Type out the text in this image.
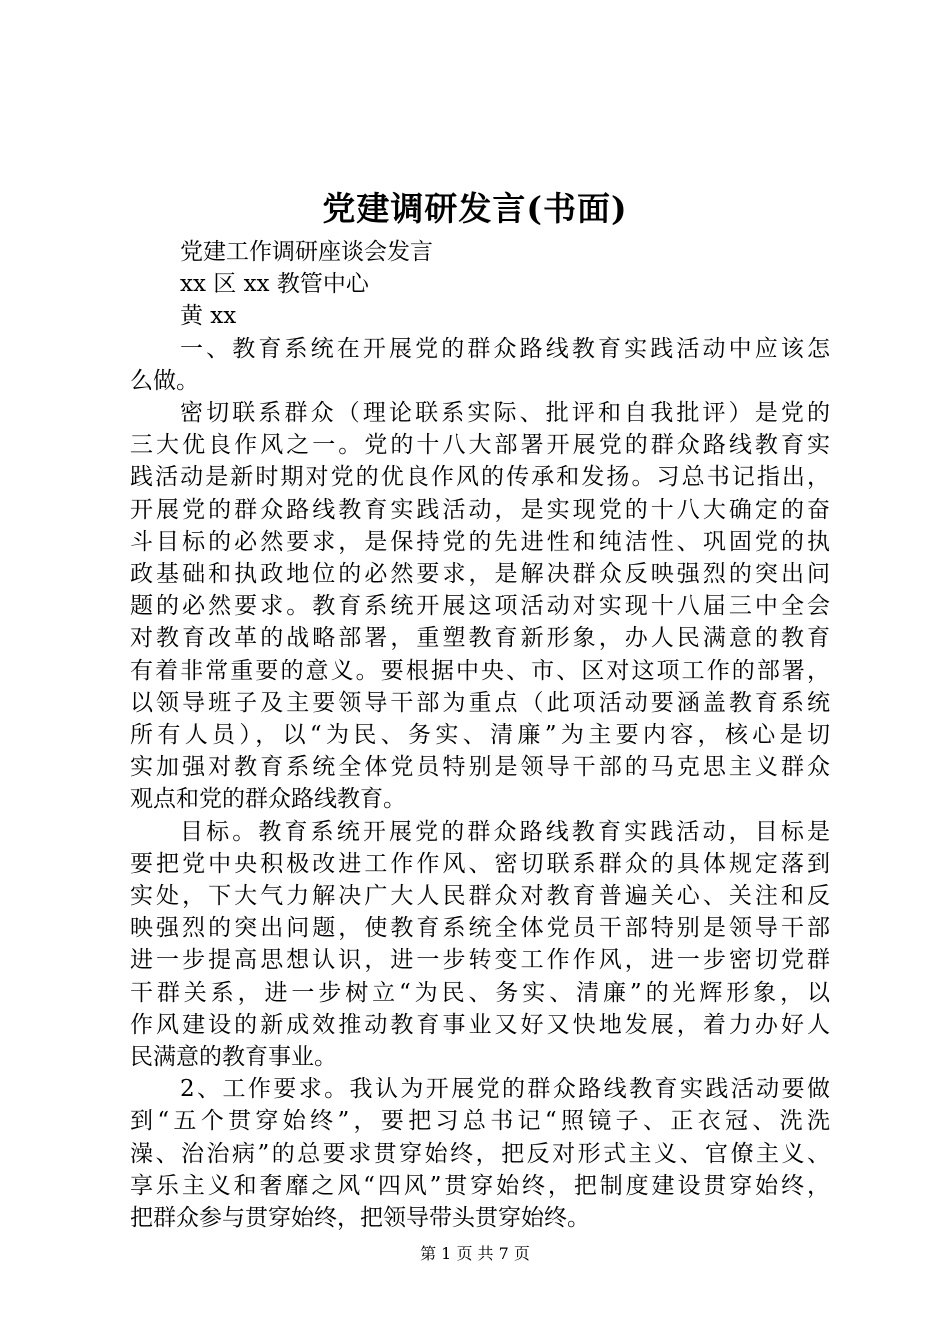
党建调研发言(书面)

党建工作调研座谈会发言

xx 区 xx 教管中心

黄 xx

一、教育系统在开展党的群众路线教育实践活动中应该怎

么做。

密切联系群众（理论联系实际、批评和自我批评）是党的

三大优良作风之一。党的十八大部署开展党的群众路线教育实

践活动是新时期对党的优良作风的传承和发扬。习总书记指出，

开展党的群众路线教育实践活动，是实现党的十八大确定的奋

斗目标的必然要求，是保持党的先进性和纯洁性、巩固党的执

政基础和执政地位的必然要求，是解决群众反映强烈的突出问

题的必然要求。教育系统开展这项活动对实现十八届三中全会

对教育改革的战略部署，重塑教育新形象，办人民满意的教育

有着非常重要的意义。要根据中央、市、区对这项工作的部署，

以领导班子及主要领导干部为重点（此项活动要涵盖教育系统

所有人员），以“为民、务实、清廉”为主要内容，核心是切

实加强对教育系统全体党员特别是领导干部的马克思主义群众

观点和党的群众路线教育。

目标。教育系统开展党的群众路线教育实践活动，目标是

要把党中央积极改进工作作风、密切联系群众的具体规定落到

实处，下大气力解决广大人民群众对教育普遍关心、关注和反

映强烈的突出问题，使教育系统全体党员干部特别是领导干部

进一步提高思想认识，进一步转变工作作风，进一步密切党群

干群关系，进一步树立“为民、务实、清廉”的光辉形象，以

作风建设的新成效推动教育事业又好又快地发展，着力办好人

民满意的教育事业。

2、工作要求。我认为开展党的群众路线教育实践活动要做

到“五个贯穿始终”，要把习总书记“照镜子、正衣冠、洗洗

澡、治治病”的总要求贯穿始终，把反对形式主义、官僚主义、

享乐主义和奢靡之风“四风”贯穿始终，把制度建设贯穿始终，

把群众参与贯穿始终，把领导带头贯穿始终。

第 1 页 共 7 页
